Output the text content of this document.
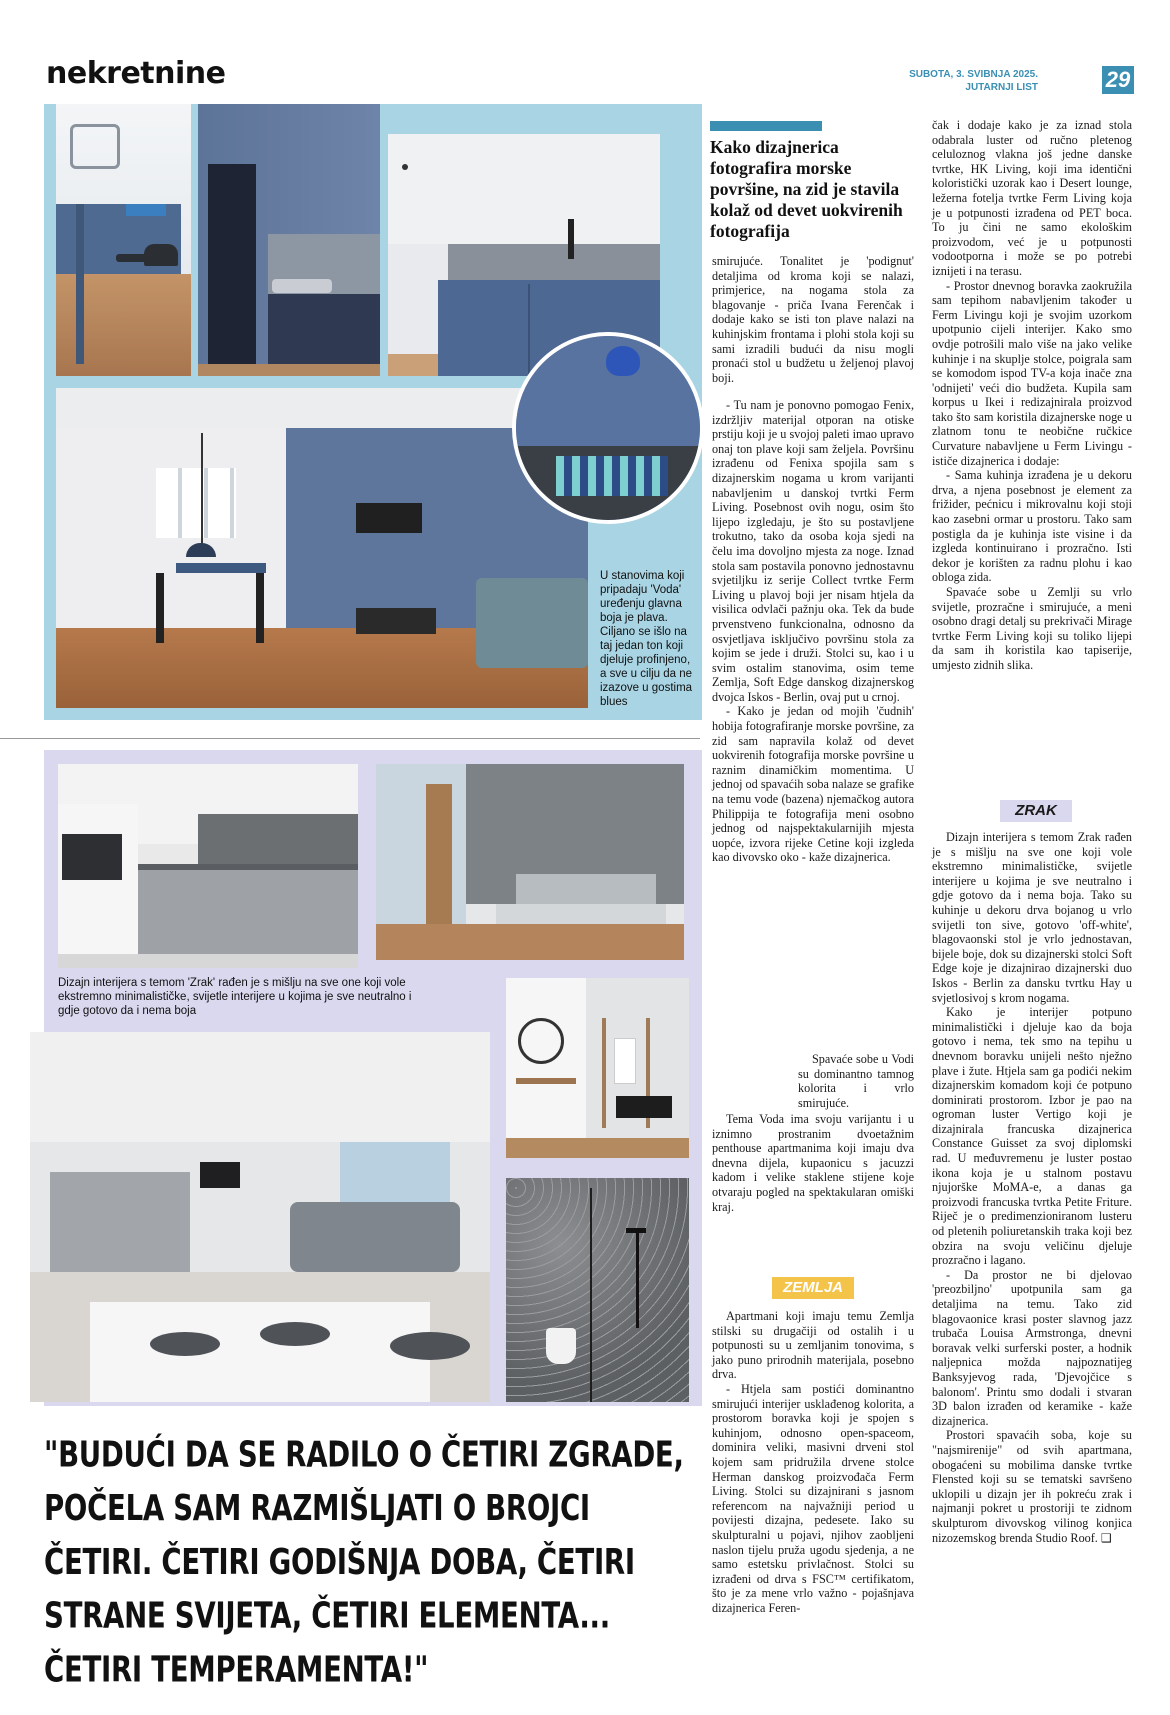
nekretnine	SUBOTA, 3. SVIBNJA 2025.
JUTARNJI LIST	29
U stanovima koji pripadaju 'Voda' uređenju glavna boja je plava. Ciljano se išlo na taj jedan ton koji djeluje profinjeno, a sve u cilju da ne izazove u gostima blues
Dizajn interijera s temom 'Zrak' rađen je s mišlju na sve one koji vole ekstremno minimalističke, svijetle interijere u kojima je sve neutralno i gdje gotovo da i nema boja
"BUDUĆI DA SE RADILO O ČETIRI ZGRADE, POČELA SAM RAZMIŠLJATI O BROJCI ČETIRI. ČETIRI GODIŠNJA DOBA, ČETIRI STRANE SVIJETA, ČETIRI ELEMENTA... ČETIRI TEMPERAMENTA!"
Kako dizajnerica fotografira morske površine, na zid je stavila kolaž od devet uokvirenih fotografija

smirujuće. Tonalitet je 'podignut' detaljima od kroma koji se nalazi, primjerice, na nogama stola za blagovanje - priča Ivana Ferenčak i dodaje kako se isti ton plave nalazi na kuhinjskim frontama i plohi stola koji su sami izradili budući da nisu mogli pronaći stol u budžetu u željenoj plavoj boji.

- Tu nam je ponovno pomogao Fenix, izdržljiv materijal otporan na otiske prstiju koji je u svojoj paleti imao upravo onaj ton plave koji sam željela. Površinu izrađenu od Fenixa spojila sam s dizajnerskim nogama u krom varijanti nabavljenim u danskoj tvrtki Ferm Living. Posebnost ovih nogu, osim što lijepo izgledaju, je što su postavljene trokutno, tako da osoba koja sjedi na čelu ima dovoljno mjesta za noge. Iznad stola sam postavila ponovno jednostavnu svjetiljku iz serije Collect tvrtke Ferm Living u plavoj boji jer nisam htjela da visilica odvlači pažnju oka. Tek da bude prvenstveno funkcionalna, odnosno da osvjetljava isključivo površinu stola za kojim se jede i druži. Stolci su, kao i u svim ostalim stanovima, osim teme Zemlja, Soft Edge danskog dizajnerskog dvojca Iskos - Berlin, ovaj put u crnoj.

- Kako je jedan od mojih 'čudnih' hobija fotografiranje morske površine, za zid sam napravila kolaž od devet uokvirenih fotografija morske površine u raznim dinamičkim momentima. U jednoj od spavaćih soba nalaze se grafike na temu vode (bazena) njemačkog autora Philippija te fotografija meni osobno jednog od najspektakularnijih mjesta uopće, izvora rijeke Cetine koji izgleda kao divovsko oko - kaže dizajnerica.

Spavaće sobe u Vodi su dominantno tamnog koloritа i vrlo smirujuće.

Tema Voda ima svoju varijantu i u iznimno prostranim dvoetažnim penthouse apartmanima koji imaju dva dnevna dijela, kupaonicu s jacuzzi kadom i velike staklene stijene koje otvaraju pogled na spektakularan omiški kraj.

ZEMLJA

Apartmani koji imaju temu Zemlja stilski su drugačiji od ostalih i u potpunosti su u zemljanim tonovima, s jako puno prirodnih materijala, posebno drva.

- Htjela sam postići dominantno smirujući interijer usklađenog kolorita, a prostorom boravka koji je spojen s kuhinjom, odnosno open-spaceom, dominira veliki, masivni drveni stol kojem sam pridružila drvene stolce Herman danskog proizvođača Ferm Living. Stolci su dizajnirani s jasnom referencom na najvažniji period u povijesti dizajna, pedesete. Iako su skulpturalni u pojavi, njihov zaobljeni naslon tijelu pruža ugodu sjedenja, a ne samo estetsku privlačnost. Stolci su izrađeni od drva s FSC™ certifikatom, što je za mene vrlo važno - pojašnjava dizajnerica Feren-

čak i dodaje kako je za iznad stola odabrala luster od ručno pletenog celuloznog vlakna još jedne danske tvrtke, HK Living, koji ima identični koloristički uzorak kao i Desert lounge, ležerna fotelja tvrtke Ferm Living koja je u potpunosti izrađena od PET boca. To ju čini ne samo ekološkim proizvodom, već je u potpunosti vodootporna i može se po potrebi iznijeti i na terasu.

- Prostor dnevnog boravka zaokružila sam tepihom nabavljenim također u Ferm Livingu koji je svojim uzorkom upotpunio cijeli interijer. Kako smo ovdje potrošili malo više na jako velike kuhinje i na skuplje stolce, poigrala sam se komodom ispod TV-a koja inače zna 'odnijeti' veći dio budžeta. Kupila sam korpus u Ikei i redizajnirala proizvod tako što sam koristila dizajnerske noge u zlatnom tonu te neobične ručkice Curvature nabavljene u Ferm Livingu - ističe dizajnerica i dodaje:

- Sama kuhinja izrađena je u dekoru drva, a njena posebnost je element za frižider, pećnicu i mikrovalnu koji stoji kao zasebni ormar u prostoru. Tako sam postigla da je kuhinja iste visine i da izgleda kontinuirano i prozračno. Isti dekor je korišten za radnu plohu i kao obloga zida.

Spavaće sobe u Zemlji su vrlo svijetle, prozračne i smirujuće, a meni osobno dragi detalj su prekrivači Mirage tvrtke Ferm Living koji su toliko lijepi da sam ih koristila kao tapiserije, umjesto zidnih slika.

ZRAK

Dizajn interijera s temom Zrak rađen je s mišlju na sve one koji vole ekstremno minimalističke, svijetle interijere u kojima je sve neutralno i gdje gotovo da i nema boja. Tako su kuhinje u dekoru drva bojanog u vrlo svijetli ton sive, gotovo 'off-white', blagovaonski stol je vrlo jednostavan, bijele boje, dok su dizajnerski stolci Soft Edge koje je dizajnirao dizajnerski duo Iskos - Berlin za dansku tvrtku Hay u svjetlosivoj s krom nogama.

Kako je interijer potpuno minimalistički i djeluje kao da boja gotovo i nema, tek smo na tepihu u dnevnom boravku unijeli nešto nježno plave i žute. Htjela sam ga podići nekim dizajnerskim komadom koji će potpuno dominirati prostorom. Izbor je pao na ogroman luster Vertigo koji je dizajnirala francuska dizajnerica Constance Guisset za svoj diplomski rad. U međuvremenu je luster postao ikona koja je u stalnom postavu njujorške MoMA-e, a danas ga proizvodi francuska tvrtka Petite Friture. Riječ je o predimenzioniranom lusteru od pletenih poliuretanskih traka koji bez obzira na svoju veličinu djeluje prozračno i lagano.

- Da prostor ne bi djelovao 'preozbiljno' upotpunila sam ga detaljima na temu. Tako zid blagovaonice krasi poster slavnog jazz trubača Louisa Armstronga, dnevni boravak velki surferski poster, a hodnik naljepnica možda najpoznatijeg Banksyjevog rada, 'Djevojčice s balonom'. Printu smo dodali i stvaran 3D balon izrađen od keramike - kaže dizajnerica.

Prostori spavaćih soba, koje su "najsmirenije" od svih apartmana, obogaćeni su mobilima danske tvrtke Flensted koji su se tematski savršeno uklopili u dizajn jer ih pokreću zrak i najmanji pokret u prostoriji te zidnom skulpturom divovskog vilinog konjica nizozemskog brenda Studio Roof. ❑
